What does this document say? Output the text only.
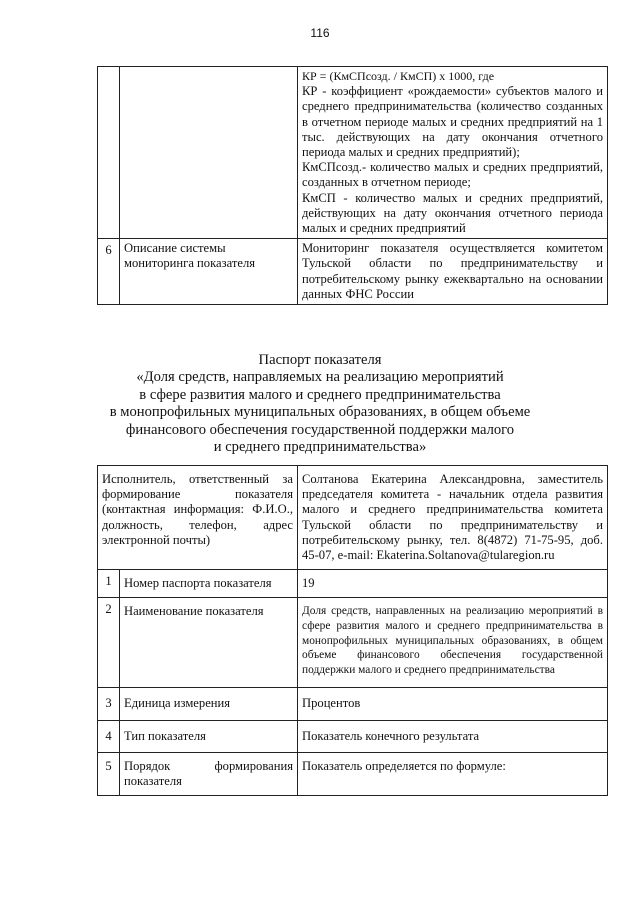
116

		КР = (КмСПсозд. / КмСП) х 1000, где
КР - коэффициент «рождаемости» субъектов малого и среднего предпринимательства (количество созданных в отчетном периоде малых и средних предприятий на 1 тыс. действующих на дату окончания отчетного периода малых и средних предприятий);
КмСПсозд.- количество малых и средних предприятий, созданных в отчетном периоде;
КмСП - количество малых и средних предприятий, действующих на дату окончания отчетного периода малых и средних предприятий

6	Описание системы мониторинга показателя	Мониторинг показателя осуществляется комитетом Тульской области по предпринимательству и потребительскому рынку ежеквартально на основании данных ФНС России
Паспорт показателя
«Доля средств, направляемых на реализацию мероприятий
в сфере развития малого и среднего предпринимательства
в монопрофильных муниципальных образованиях, в общем объеме
финансового обеспечения государственной поддержки малого
и среднего предпринимательства»
Исполнитель, ответственный за формирование показателя (контактная информация: Ф.И.О., должность, телефон, адрес электронной почты)		Солтанова Екатерина Александровна, заместитель председателя комитета - начальник отдела развития малого и среднего предпринимательства комитета Тульской области по предпринимательству и потребительскому рынку, тел. 8(4872) 71-75-95, доб. 45-07, e-mail: Ekaterina.Soltanova@tularegion.ru
1	Номер паспорта показателя	19
2	Наименование показателя	Доля средств, направленных на реализацию мероприятий в сфере развития малого и среднего предпринимательства в монопрофильных муниципальных образованиях, в общем объеме финансового обеспечения государственной поддержки малого и среднего предпринимательства
3	Единица измерения	Процентов
4	Тип показателя	Показатель конечного результата
5	Порядок формирования показателя	Показатель определяется по формуле:
